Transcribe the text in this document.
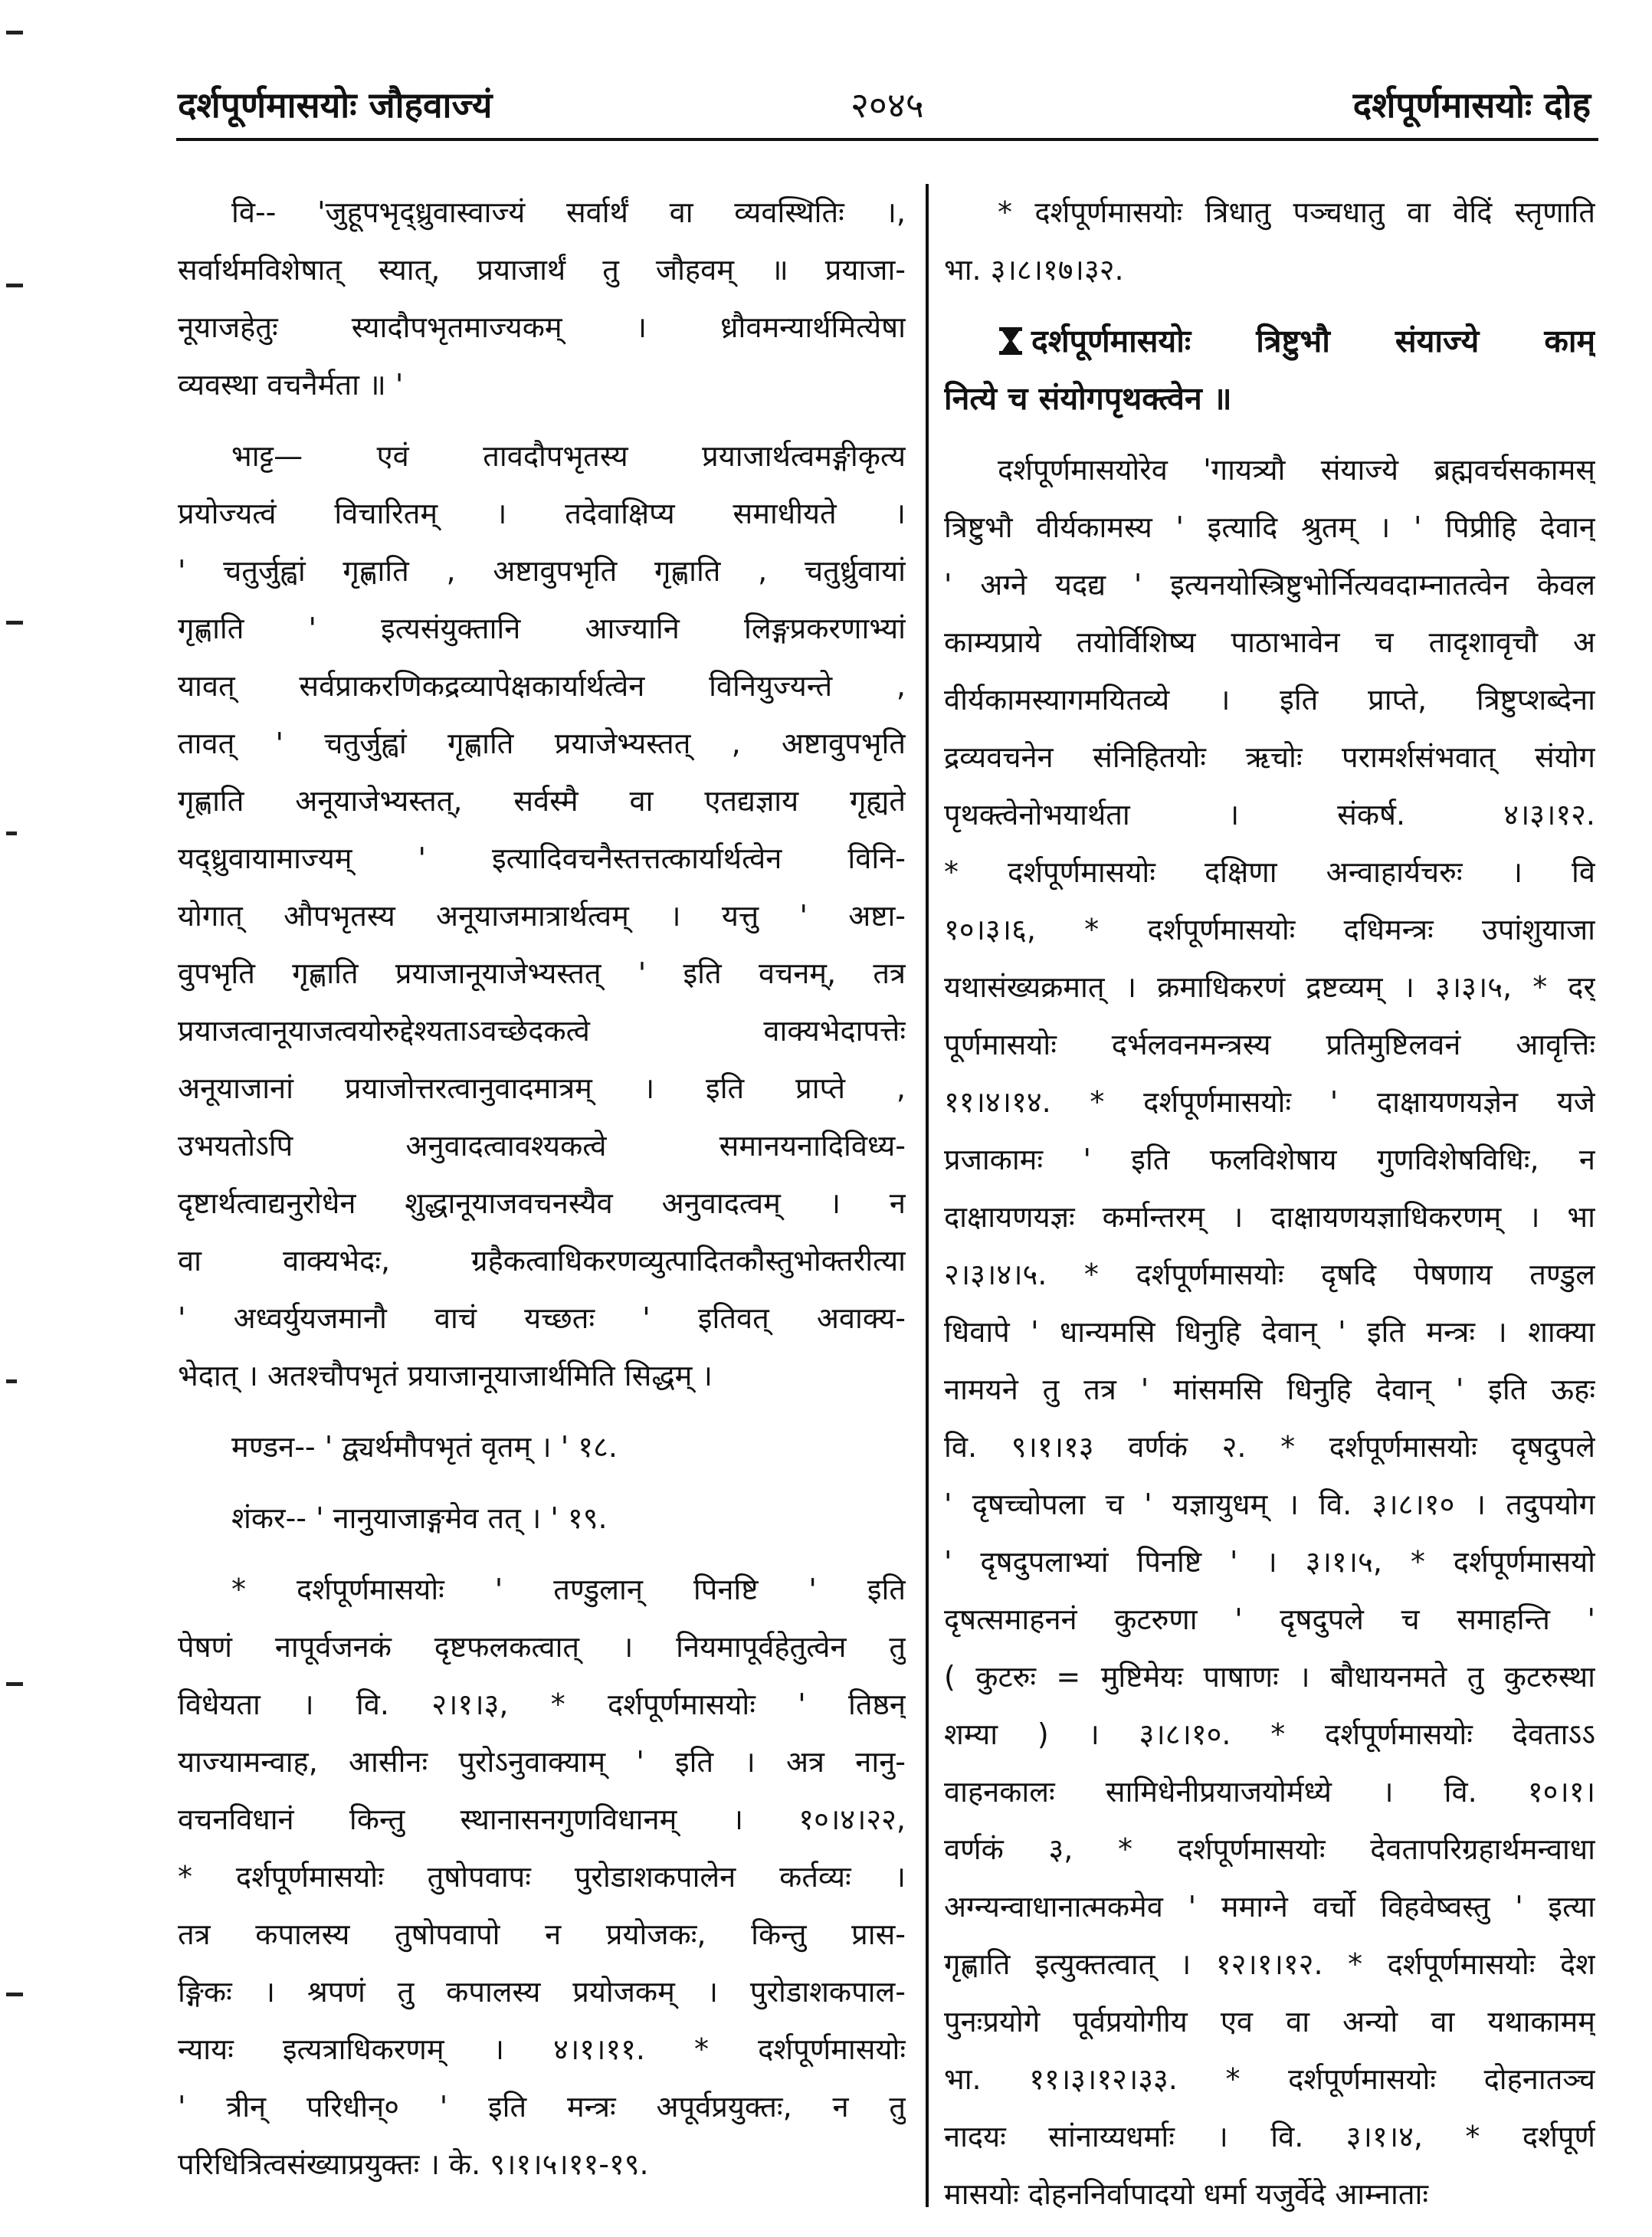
दर्शपूर्णमासयोः जौहवाज्यं	२०४५	दर्शपूर्णमासयोः दोह
वि-- 'जुहूपभृद्ध्रुवास्वाज्यं सर्वार्थं वा व्यवस्थितिः ।,
सर्वार्थमविशेषात् स्यात्, प्रयाजार्थं तु जौहवम् ॥ प्रयाजा-
नूयाजहेतुः स्यादौपभृतमाज्यकम् । ध्रौवमन्यार्थमित्येषा
व्यवस्था वचनैर्मता ॥ '
भाट्ट— एवं तावदौपभृतस्य प्रयाजार्थत्वमङ्गीकृत्य
प्रयोज्यत्वं विचारितम् । तदेवाक्षिप्य समाधीयते ।
' चतुर्जुह्वां गृह्णाति , अष्टावुपभृति गृह्णाति , चतुर्ध्रुवायां
गृह्णाति ' इत्यसंयुक्तानि आज्यानि लिङ्गप्रकरणाभ्यां
यावत् सर्वप्राकरणिकद्रव्यापेक्षकार्यार्थत्वेन विनियुज्यन्ते ,
तावत् ' चतुर्जुह्वां गृह्णाति प्रयाजेभ्यस्तत् , अष्टावुपभृति
गृह्णाति अनूयाजेभ्यस्तत्, सर्वस्मै वा एतद्यज्ञाय गृह्यते
यद्ध्रुवायामाज्यम् ' इत्यादिवचनैस्तत्तत्कार्यार्थत्वेन विनि-
योगात् औपभृतस्य अनूयाजमात्रार्थत्वम् । यत्तु ' अष्टा-
वुपभृति गृह्णाति प्रयाजानूयाजेभ्यस्तत् ' इति वचनम्, तत्र
प्रयाजत्वानूयाजत्वयोरुद्देश्यताऽवच्छेदकत्वे वाक्यभेदापत्तेः
अनूयाजानां प्रयाजोत्तरत्वानुवादमात्रम् । इति प्राप्ते ,
उभयतोऽपि अनुवादत्वावश्यकत्वे समानयनादिविध्य-
दृष्टार्थत्वाद्यनुरोधेन शुद्धानूयाजवचनस्यैव अनुवादत्वम् । न
वा वाक्यभेदः, ग्रहैकत्वाधिकरणव्युत्पादितकौस्तुभोक्तरीत्या
' अध्वर्युयजमानौ वाचं यच्छतः ' इतिवत् अवाक्य-
भेदात् । अतश्चौपभृतं प्रयाजानूयाजार्थमिति सिद्धम् ।
मण्डन-- ' द्व्यर्थमौपभृतं वृतम् । ' १८.
शंकर-- ' नानुयाजाङ्गमेव तत् । ' १९.
* दर्शपूर्णमासयोः ' तण्डुलान् पिनष्टि ' इति
पेषणं नापूर्वजनकं दृष्टफलकत्वात् । नियमापूर्वहेतुत्वेन तु
विधेयता । वि. २।१।३, * दर्शपूर्णमासयोः ' तिष्ठन्
याज्यामन्वाह, आसीनः पुरोऽनुवाक्याम् ' इति । अत्र नानु-
वचनविधानं किन्तु स्थानासनगुणविधानम् । १०।४।२२,
* दर्शपूर्णमासयोः तुषोपवापः पुरोडाशकपालेन कर्तव्यः ।
तत्र कपालस्य तुषोपवापो न प्रयोजकः, किन्तु प्रास-
ङ्गिकः । श्रपणं तु कपालस्य प्रयोजकम् । पुरोडाशकपाल-
न्यायः इत्यत्राधिकरणम् । ४।१।११. * दर्शपूर्णमासयोः
' त्रीन् परिधीन्० ' इति मन्त्रः अपूर्वप्रयुक्तः, न तु
परिधित्रित्वसंख्याप्रयुक्तः । के. ९।१।५।११-१९.
* दर्शपूर्णमासयोः त्रिधातु पञ्चधातु वा वेदिं स्तृणाति
भा. ३।८।१७।३२.
दर्शपूर्णमासयोः त्रिष्टुभौ संयाज्ये काम्
नित्ये च संयोगपृथक्त्वेन ॥
दर्शपूर्णमासयोरेव 'गायत्र्यौ संयाज्ये ब्रह्मवर्चसकामस्
त्रिष्टुभौ वीर्यकामस्य ' इत्यादि श्रुतम् । ' पिप्रीहि देवान्
' अग्ने यदद्य ' इत्यनयोस्त्रिष्टुभोर्नित्यवदाम्नातत्वेन केवल
काम्यप्राये तयोर्विशिष्य पाठाभावेन च तादृशावृचौ अ
वीर्यकामस्यागमयितव्ये । इति प्राप्ते, त्रिष्टुप्शब्देना
द्रव्यवचनेन संनिहितयोः ऋचोः परामर्शसंभवात् संयोग
पृथक्त्वेनोभयार्थता । संकर्ष. ४।३।१२.
* दर्शपूर्णमासयोः दक्षिणा अन्वाहार्यचरुः । वि
१०।३।६, * दर्शपूर्णमासयोः दधिमन्त्रः उपांशुयाजा
यथासंख्यक्रमात् । क्रमाधिकरणं द्रष्टव्यम् । ३।३।५, * दर्
पूर्णमासयोः दर्भलवनमन्त्रस्य प्रतिमुष्टिलवनं आवृत्तिः
११।४।१४. * दर्शपूर्णमासयोः ' दाक्षायणयज्ञेन यजे
प्रजाकामः ' इति फलविशेषाय गुणविशेषविधिः, न
दाक्षायणयज्ञः कर्मान्तरम् । दाक्षायणयज्ञाधिकरणम् । भा
२।३।४।५. * दर्शपूर्णमासयोः दृषदि पेषणाय तण्डुल
धिवापे ' धान्यमसि धिनुहि देवान् ' इति मन्त्रः । शाक्या
नामयने तु तत्र ' मांसमसि धिनुहि देवान् ' इति ऊहः
वि. ९।१।१३ वर्णकं २. * दर्शपूर्णमासयोः दृषदुपले
' दृषच्चोपला च ' यज्ञायुधम् । वि. ३।८।१० । तदुपयोग
' दृषदुपलाभ्यां पिनष्टि ' । ३।१।५, * दर्शपूर्णमासयो
दृषत्समाहननं कुटरुणा ' दृषदुपले च समाहन्ति '
( कुटरुः = मुष्टिमेयः पाषाणः । बौधायनमते तु कुटरुस्था
शम्या ) । ३।८।१०. * दर्शपूर्णमासयोः देवताऽऽ
वाहनकालः सामिधेनीप्रयाजयोर्मध्ये । वि. १०।१।
वर्णकं ३, * दर्शपूर्णमासयोः देवतापरिग्रहार्थमन्वाधा
अग्न्यन्वाधानात्मकमेव ' ममाग्ने वर्चो विहवेष्वस्तु ' इत्या
गृह्णाति इत्युक्तत्वात् । १२।१।१२. * दर्शपूर्णमासयोः देश
पुनःप्रयोगे पूर्वप्रयोगीय एव वा अन्यो वा यथाकामम्
भा. ११।३।१२।३३. * दर्शपूर्णमासयोः दोहनातञ्च
नादयः सांनाय्यधर्माः । वि. ३।१।४, * दर्शपूर्ण
मासयोः दोहननिर्वापादयो धर्मा यजुर्वेदे आम्नाताः
